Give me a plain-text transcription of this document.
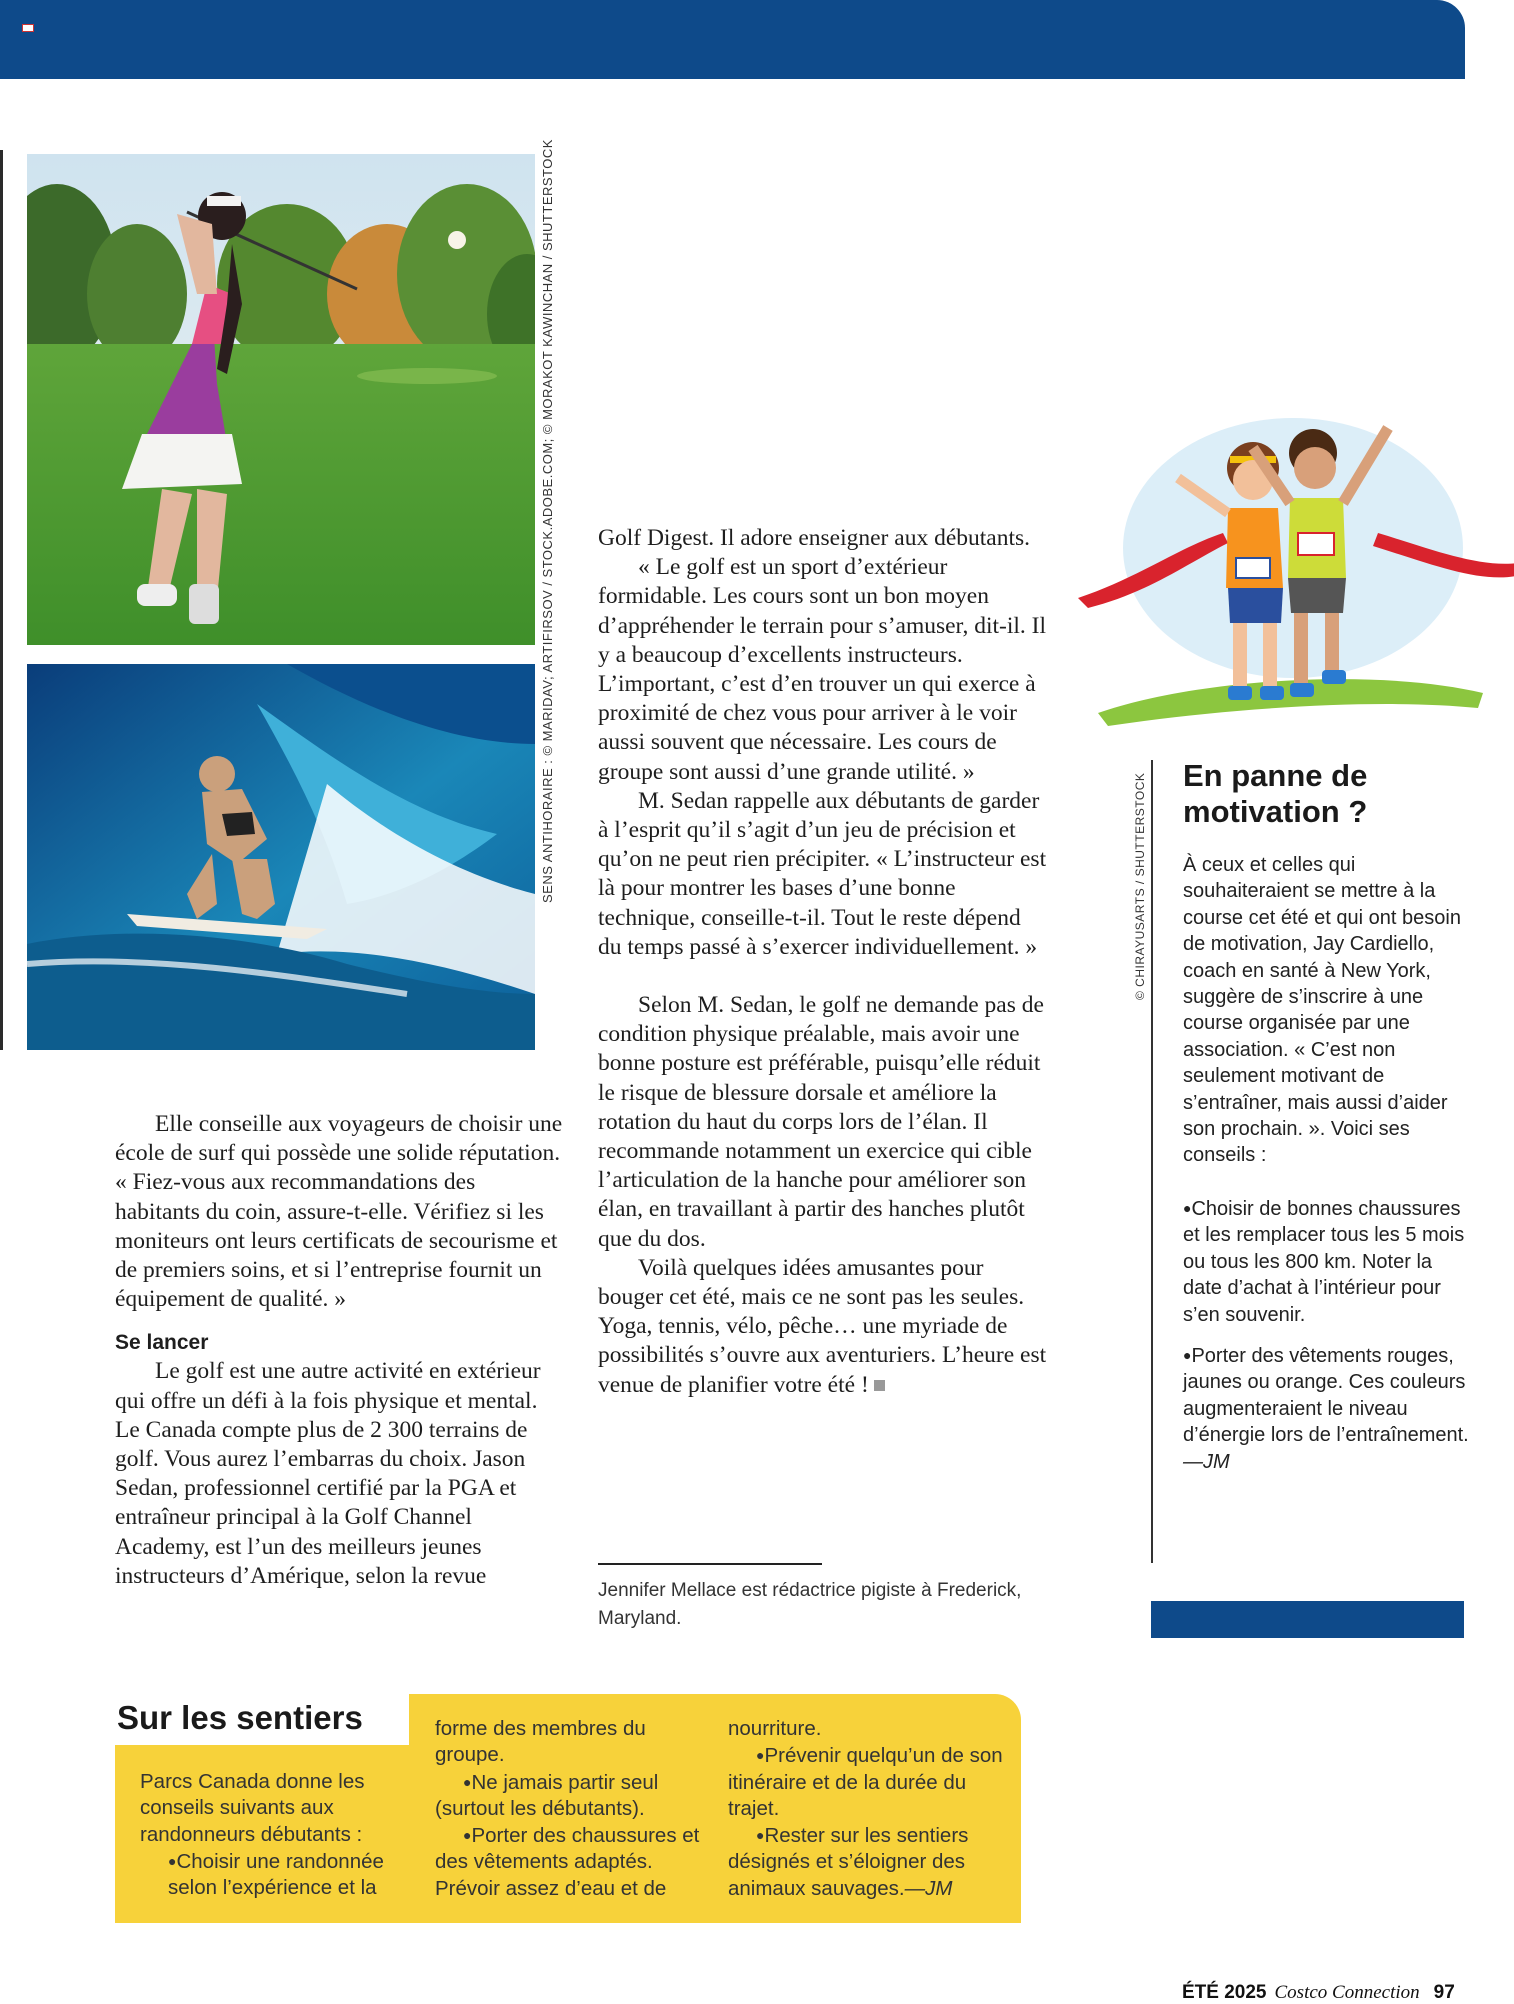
SENS ANTIHORAIRE : © MARIDAV; ARTIFIRSOV / STOCK.ADOBE.COM; © MORAKOT KAWINCHAN / SHUTTERSTOCK

Elle conseille aux voyageurs de choisir une école de surf qui possède une solide réputation. « Fiez-vous aux recommandations des habitants du coin, assure-t-elle. Vérifiez si les moniteurs ont leurs certificats de secourisme et de premiers soins, et si l’entreprise fournit un équipement de qualité. »

Se lancer

Le golf est une autre activité en extérieur qui offre un défi à la fois physique et mental. Le Canada compte plus de 2 300 terrains de golf. Vous aurez l’embarras du choix. Jason Sedan, professionnel certifié par la PGA et entraîneur principal à la Golf Channel Academy, est l’un des meilleurs jeunes instructeurs d’Amérique, selon la revue

Golf Digest. Il adore enseigner aux débutants.

« Le golf est un sport d’extérieur formidable. Les cours sont un bon moyen d’appréhender le terrain pour s’amuser, dit-il. Il y a beaucoup d’excellents instructeurs. L’important, c’est d’en trouver un qui exerce à proximité de chez vous pour arriver à le voir aussi souvent que nécessaire. Les cours de groupe sont aussi d’une grande utilité. »

M. Sedan rappelle aux débutants de garder à l’esprit qu’il s’agit d’un jeu de précision et qu’on ne peut rien précipiter. « L’instructeur est là pour montrer les bases d’une bonne technique, conseille-t-il. Tout le reste dépend du temps passé à s’exercer individuellement. »

Selon M. Sedan, le golf ne demande pas de condition physique préalable, mais avoir une bonne posture est préférable, puisqu’elle réduit le risque de blessure dorsale et améliore la rotation du haut du corps lors de l’élan. Il recommande notamment un exercice qui cible l’articulation de la hanche pour améliorer son élan, en travaillant à partir des hanches plutôt que du dos.

Voilà quelques idées amusantes pour bouger cet été, mais ce ne sont pas les seules. Yoga, tennis, vélo, pêche… une myriade de possibilités s’ouvre aux aventuriers. L’heure est venue de planifier votre été !

Jennifer Mellace est rédactrice pigiste à Frederick, Maryland.
© CHIRAYUSARTS / SHUTTERSTOCK En panne de motivation ?

À ceux et celles qui souhaiteraient se mettre à la course cet été et qui ont besoin de motivation, Jay Cardiello, coach en santé à New York, suggère de s’inscrire à une course organisée par une association. « C’est non seulement motivant de s’entraîner, mais aussi d’aider son prochain. ». Voici ses conseils :

●Choisir de bonnes chaussures et les remplacer tous les 5 mois ou tous les 800 km. Noter la date d’achat à l’intérieur pour s’en souvenir.

●Porter des vêtements rouges, jaunes ou orange. Ces couleurs augmenteraient le niveau d’énergie lors de l’entraînement.—JM

Sur les sentiers

Parcs Canada donne les conseils suivants aux randonneurs débutants :

●Choisir une randonnée selon l’expérience et la

forme des membres du groupe.

●Ne jamais partir seul (surtout les débutants).

●Porter des chaussures et des vêtements adaptés. Prévoir assez d’eau et de

nourriture.

●Prévenir quelqu’un de son itinéraire et de la durée du trajet.

●Rester sur les sentiers désignés et s’éloigner des animaux sauvages.—JM

ÉTÉ 2025 Costco Connection 97
